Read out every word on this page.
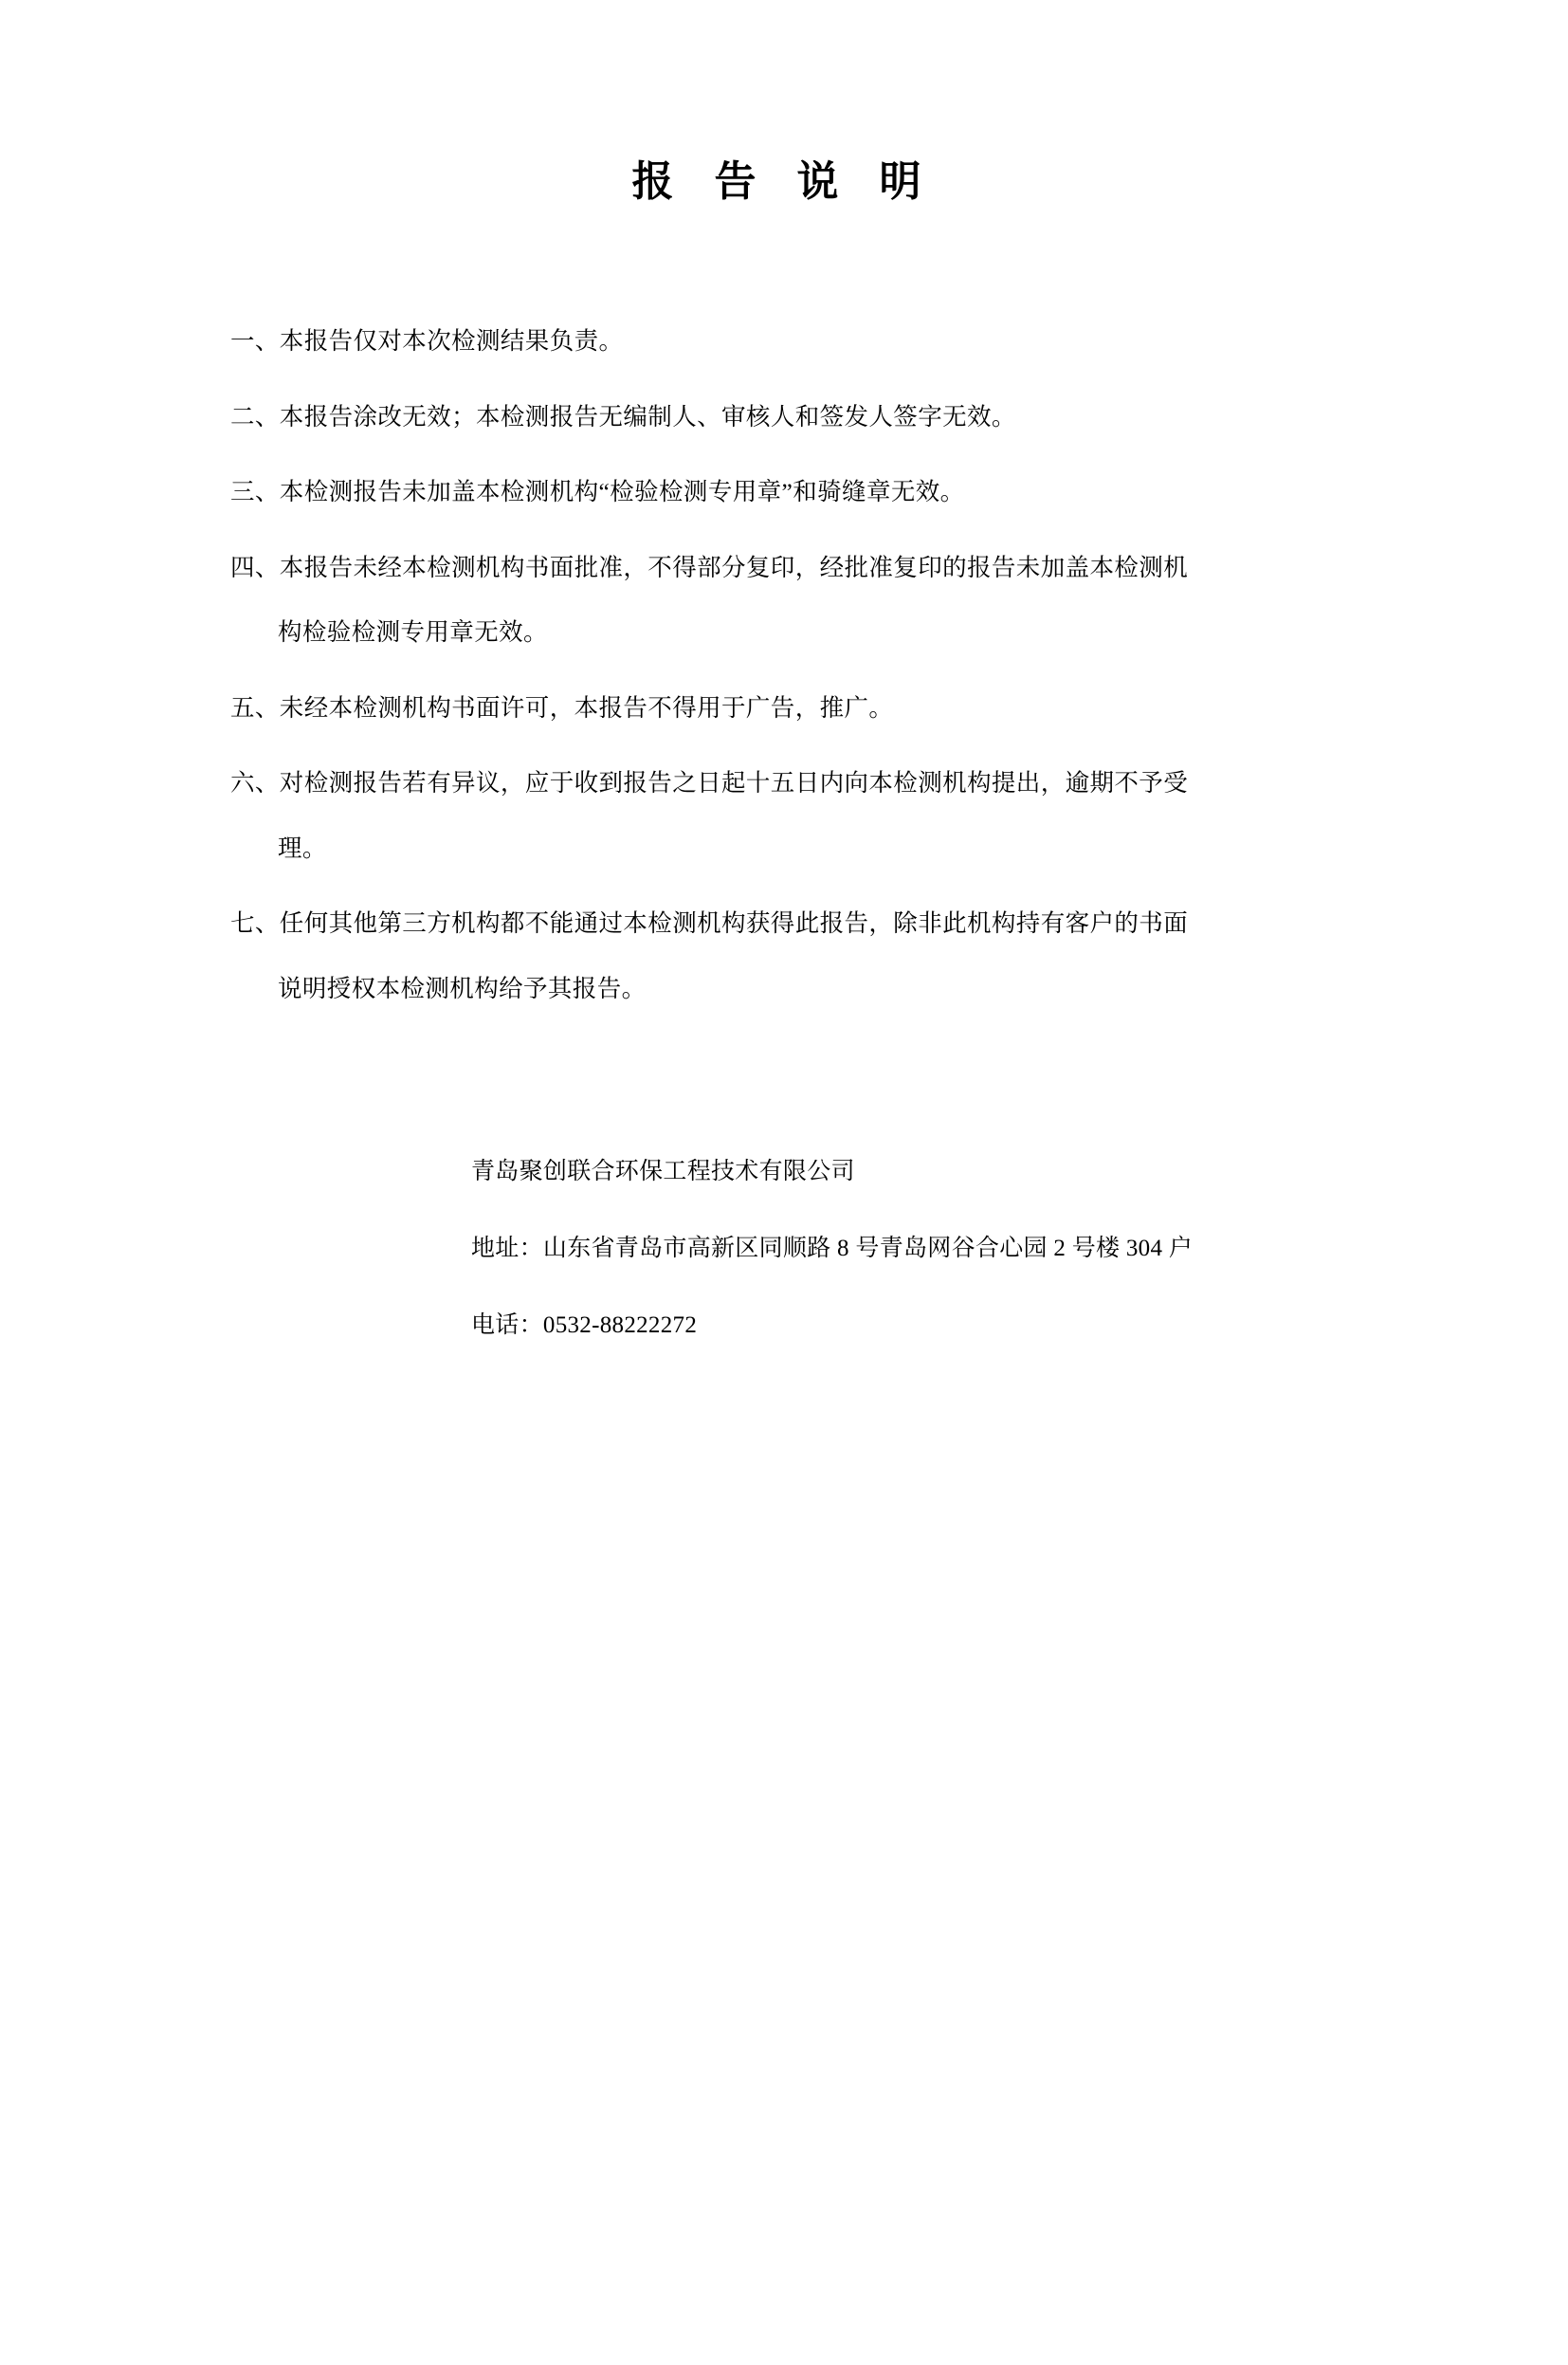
报 告 说 明

一、本报告仅对本次检测结果负责。

二、本报告涂改无效；本检测报告无编制人、审核人和签发人签字无效。

三、本检测报告未加盖本检测机构“检验检测专用章”和骑缝章无效。

四、本报告未经本检测机构书面批准，不得部分复印，经批准复印的报告未加盖本检测机
构检验检测专用章无效。

五、未经本检测机构书面许可，本报告不得用于广告，推广。

六、对检测报告若有异议，应于收到报告之日起十五日内向本检测机构提出，逾期不予受
理。

七、任何其他第三方机构都不能通过本检测机构获得此报告，除非此机构持有客户的书面
说明授权本检测机构给予其报告。

青岛聚创联合环保工程技术有限公司
地址：山东省青岛市高新区同顺路 8 号青岛网谷合心园 2 号楼 304 户
电话：0532-88222272
